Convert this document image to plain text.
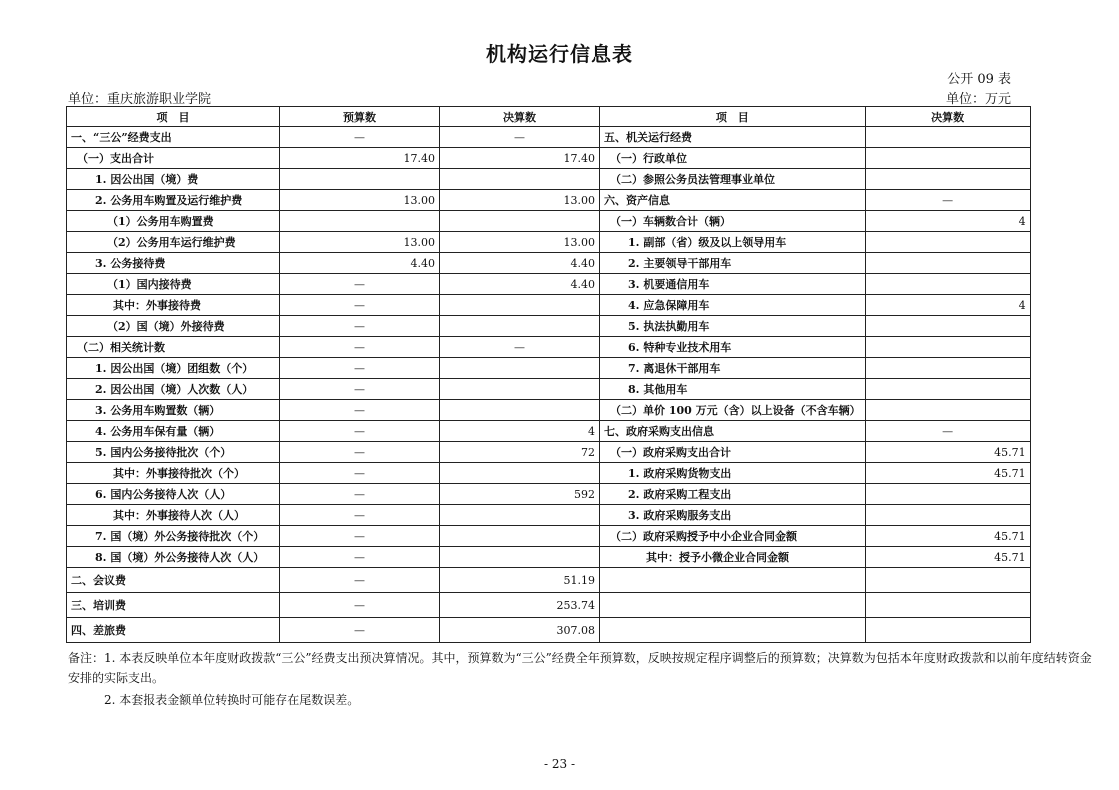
机构运行信息表
公开 09 表
单位：重庆旅游职业学院	单位：万元
项　目	预算数	决算数	项　目	决算数
一、“三公”经费支出	—	—	五、机关运行经费	
（一）支出合计	17.40	17.40	（一）行政单位	
1. 因公出国（境）费			（二）参照公务员法管理事业单位	
2. 公务用车购置及运行维护费	13.00	13.00	六、资产信息	—
（1）公务用车购置费			（一）车辆数合计（辆）	4
（2）公务用车运行维护费	13.00	13.00	1. 副部（省）级及以上领导用车	
3. 公务接待费	4.40	4.40	2. 主要领导干部用车	
（1）国内接待费	—	4.40	3. 机要通信用车	
其中：外事接待费	—		4. 应急保障用车	4
（2）国（境）外接待费	—		5. 执法执勤用车	
（二）相关统计数	—	—	6. 特种专业技术用车	
1. 因公出国（境）团组数（个）	—		7. 离退休干部用车	
2. 因公出国（境）人次数（人）	—		8. 其他用车	
3. 公务用车购置数（辆）	—		（二）单价 100 万元（含）以上设备（不含车辆）	
4. 公务用车保有量（辆）	—	4	七、政府采购支出信息	—
5. 国内公务接待批次（个）	—	72	（一）政府采购支出合计	45.71
其中：外事接待批次（个）	—		1. 政府采购货物支出	45.71
6. 国内公务接待人次（人）	—	592	2. 政府采购工程支出	
其中：外事接待人次（人）	—		3. 政府采购服务支出	
7. 国（境）外公务接待批次（个）	—		（二）政府采购授予中小企业合同金额	45.71
8. 国（境）外公务接待人次（人）	—		其中：授予小微企业合同金额	45.71
二、会议费	—	51.19		
三、培训费	—	253.74		
四、差旅费	—	307.08		
备注：1. 本表反映单位本年度财政拨款“三公”经费支出预决算情况。其中，预算数为“三公”经费全年预算数，反映按规定程序调整后的预算数；决算数为包括本年度财政拨款和以前年度结转资金安排的实际支出。
2. 本套报表金额单位转换时可能存在尾数误差。
- 23 -
